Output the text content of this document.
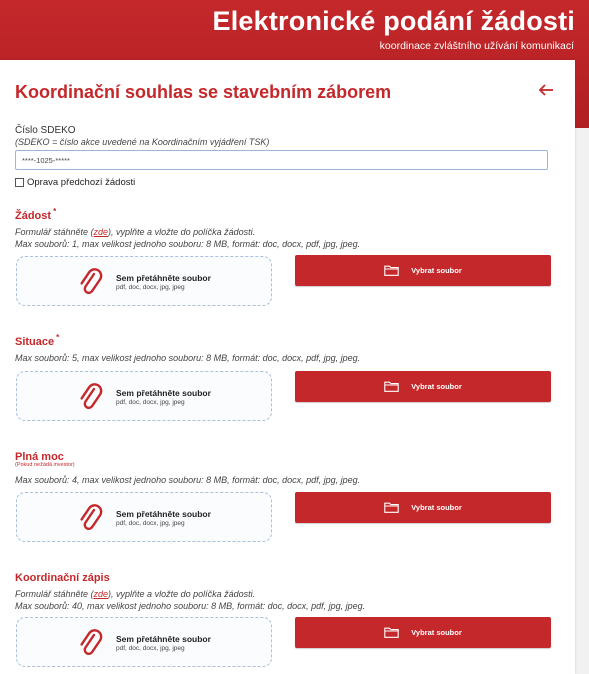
Elektronické podání žádosti
koordinace zvláštního užívání komunikací
Koordinační souhlas se stavebním záborem
Číslo SDEKO
(SDEKO = číslo akce uvedené na Koordinačním vyjádření TSK)
****-1025-*****
Oprava předchozí žádosti
Žádost *
Formulář stáhněte (zde), vyplňte a vložte do políčka žádosti.
Max souborů: 1, max velikost jednoho souboru: 8 MB, formát: doc, docx, pdf, jpg, jpeg.
Sem přetáhněte soubor
pdf, doc, docx, jpg, jpeg
Vybrat soubor
Situace *
Max souborů: 5, max velikost jednoho souboru: 8 MB, formát: doc, docx, pdf, jpg, jpeg.
Sem přetáhněte soubor
pdf, doc, docx, jpg, jpeg
Vybrat soubor
Plná moc
(Pokud nežádá investor)
Max souborů: 4, max velikost jednoho souboru: 8 MB, formát: doc, docx, pdf, jpg, jpeg.
Sem přetáhněte soubor
pdf, doc, docx, jpg, jpeg
Vybrat soubor
Koordinační zápis
Formulář stáhněte (zde), vyplňte a vložte do políčka žádosti.
Max souborů: 40, max velikost jednoho souboru: 8 MB, formát: doc, docx, pdf, jpg, jpeg.
Sem přetáhněte soubor
pdf, doc, docx, jpg, jpeg
Vybrat soubor
